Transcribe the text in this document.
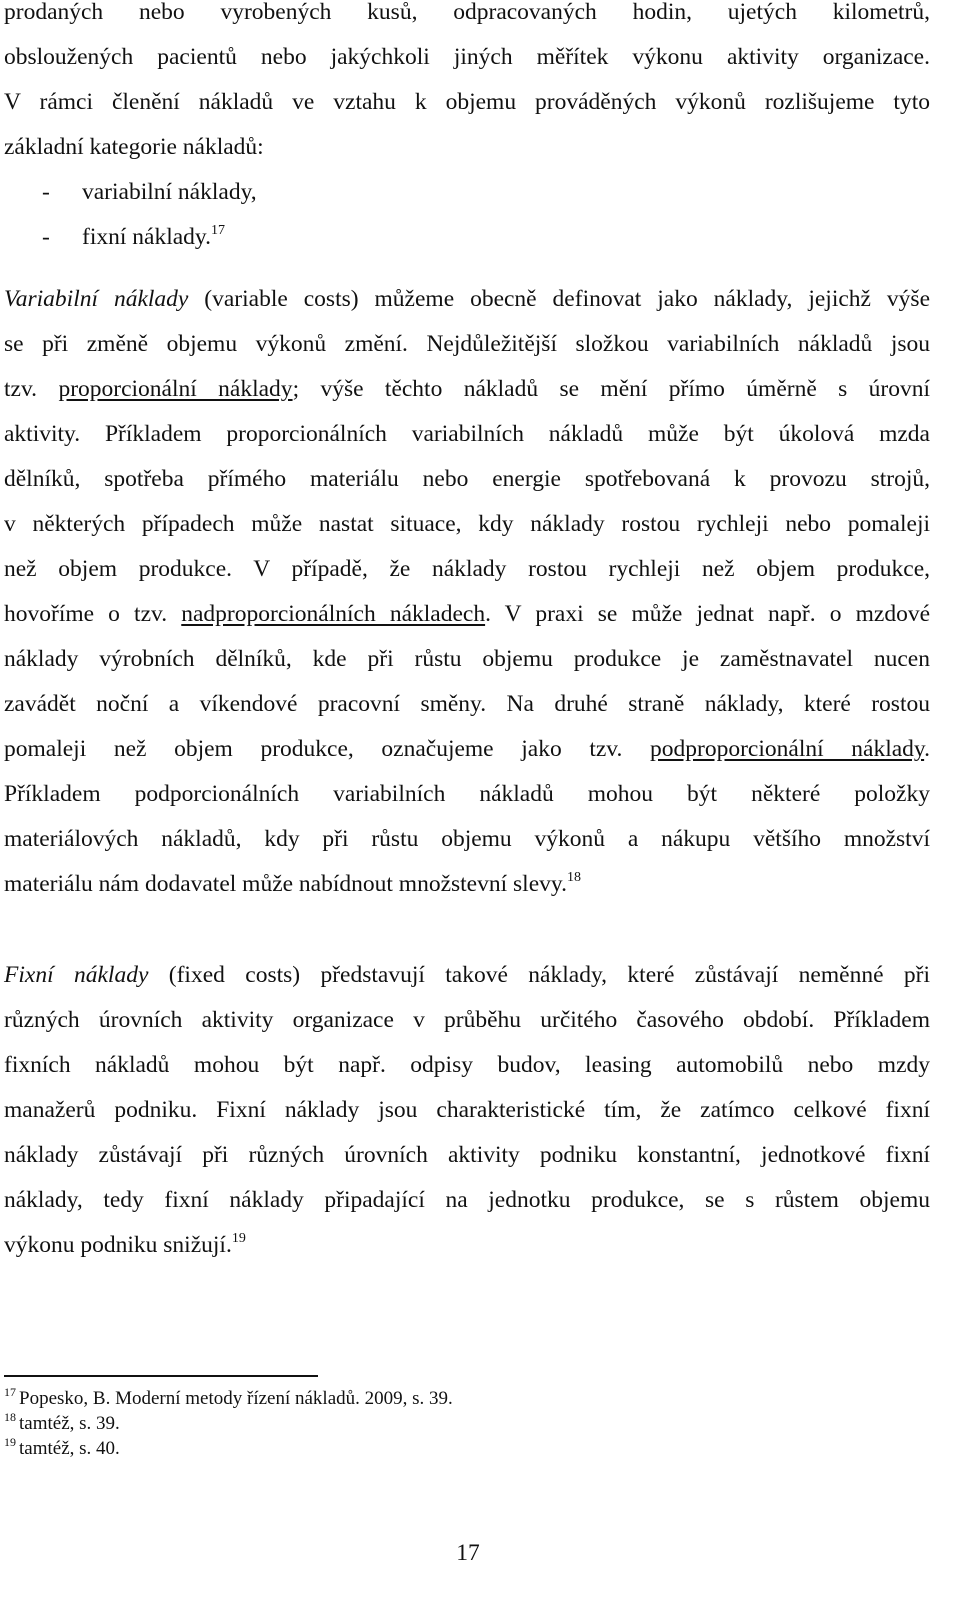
prodaných nebo vyrobených kusů, odpracovaných hodin, ujetých kilometrů,
obsloužených pacientů nebo jakýchkoli jiných měřítek výkonu aktivity organizace.
V rámci členění nákladů ve vztahu k objemu prováděných výkonů rozlišujeme tyto
základní kategorie nákladů:
- variabilní náklady,
- fixní náklady.$^{17}$
Variabilní náklady (variable costs) můžeme obecně definovat jako náklady, jejichž výše
se při změně objemu výkonů změní. Nejdůležitější složkou variabilních nákladů jsou
tzv. proporcionální náklady; výše těchto nákladů se mění přímo úměrně s úrovní
aktivity. Příkladem proporcionálních variabilních nákladů může být úkolová mzda
dělníků, spotřeba přímého materiálu nebo energie spotřebovaná k provozu strojů,
v některých případech může nastat situace, kdy náklady rostou rychleji nebo pomaleji
než objem produkce. V případě, že náklady rostou rychleji než objem produkce,
hovoříme o tzv. nadproporcionálních nákladech. V praxi se může jednat např. o mzdové
náklady výrobních dělníků, kde při růstu objemu produkce je zaměstnavatel nucen
zavádět noční a víkendové pracovní směny. Na druhé straně náklady, které rostou
pomaleji než objem produkce, označujeme jako tzv. podproporcionální náklady.
Příkladem podporcionálních variabilních nákladů mohou být některé položky
materiálových nákladů, kdy při růstu objemu výkonů a nákupu většího množství
materiálu nám dodavatel může nabídnout množstevní slevy.$^{18}$
Fixní náklady (fixed costs) představují takové náklady, které zůstávají neměnné při
různých úrovních aktivity organizace v průběhu určitého časového období. Příkladem
fixních nákladů mohou být např. odpisy budov, leasing automobilů nebo mzdy
manažerů podniku. Fixní náklady jsou charakteristické tím, že zatímco celkové fixní
náklady zůstávají při různých úrovních aktivity podniku konstantní, jednotkové fixní
náklady, tedy fixní náklady připadající na jednotku produkce, se s růstem objemu
výkonu podniku snižují.$^{19}$
$^{17}$ Popesko, B. Moderní metody řízení nákladů. 2009, s. 39.
$^{18}$ tamtéž, s. 39.
$^{19}$ tamtéž, s. 40.
17
